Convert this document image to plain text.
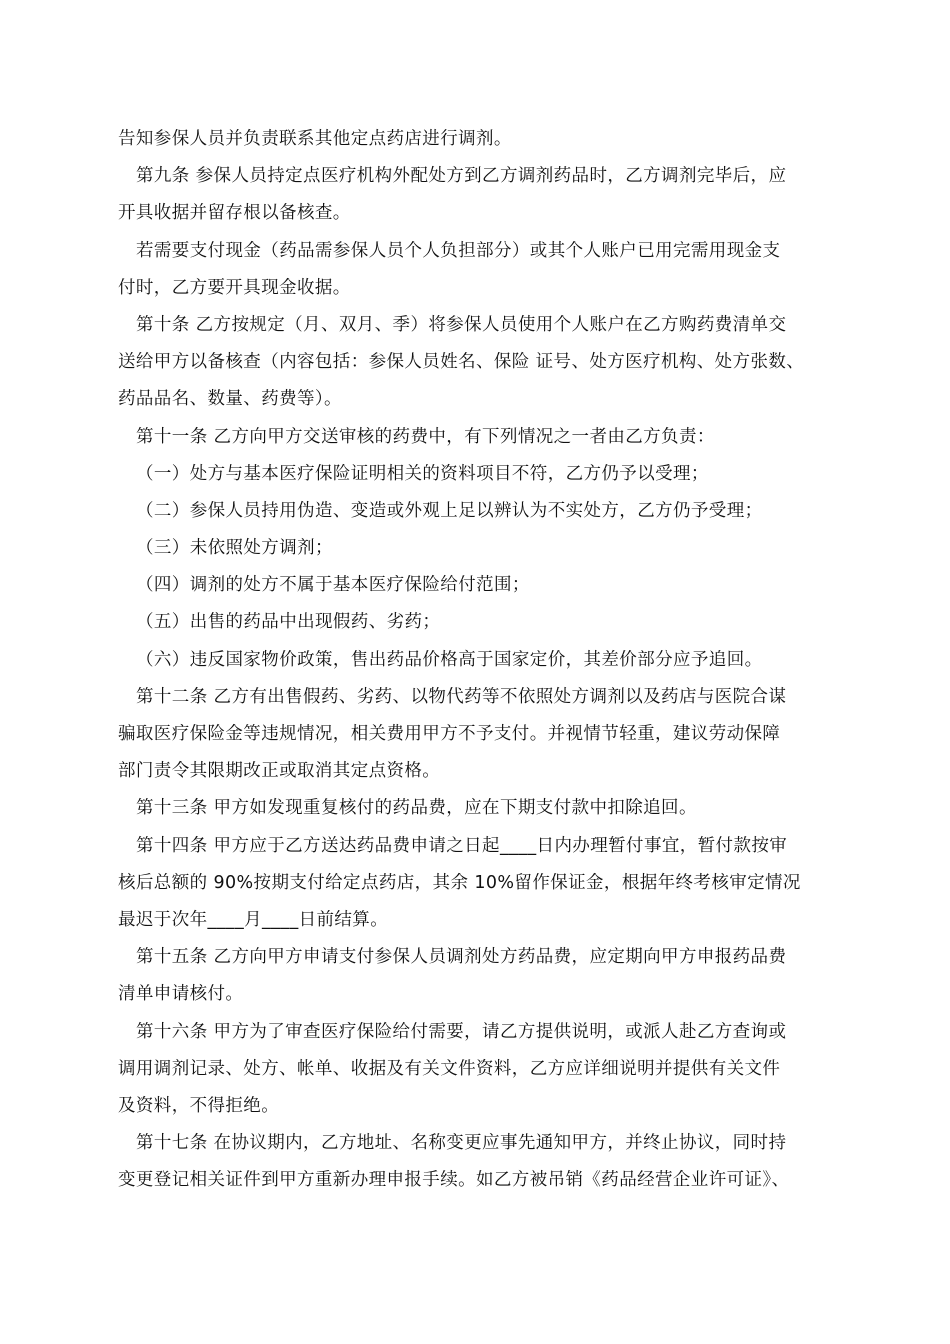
告知参保人员并负责联系其他定点药店进行调剂。
第九条 参保人员持定点医疗机构外配处方到乙方调剂药品时，乙方调剂完毕后，应
开具收据并留存根以备核查。
若需要支付现金（药品需参保人员个人负担部分）或其个人账户已用完需用现金支
付时，乙方要开具现金收据。
第十条 乙方按规定（月、双月、季）将参保人员使用个人账户在乙方购药费清单交
送给甲方以备核查（内容包括：参保人员姓名、保险 证号、处方医疗机构、处方张数、
药品品名、数量、药费等）。
第十一条 乙方向甲方交送审核的药费中，有下列情况之一者由乙方负责：
（一）处方与基本医疗保险证明相关的资料项目不符，乙方仍予以受理；
（二）参保人员持用伪造、变造或外观上足以辨认为不实处方，乙方仍予受理；
（三）未依照处方调剂；
（四）调剂的处方不属于基本医疗保险给付范围；
（五）出售的药品中出现假药、劣药；
（六）违反国家物价政策，售出药品价格高于国家定价，其差价部分应予追回。
第十二条 乙方有出售假药、劣药、以物代药等不依照处方调剂以及药店与医院合谋
骗取医疗保险金等违规情况，相关费用甲方不予支付。并视情节轻重，建议劳动保障
部门责令其限期改正或取消其定点资格。
第十三条 甲方如发现重复核付的药品费，应在下期支付款中扣除追回。
第十四条 甲方应于乙方送达药品费申请之日起____日内办理暂付事宜，暂付款按审
核后总额的 90%按期支付给定点药店，其余 10%留作保证金，根据年终考核审定情况
最迟于次年____月____日前结算。
第十五条 乙方向甲方申请支付参保人员调剂处方药品费，应定期向甲方申报药品费
清单申请核付。
第十六条 甲方为了审查医疗保险给付需要，请乙方提供说明，或派人赴乙方查询或
调用调剂记录、处方、帐单、收据及有关文件资料，乙方应详细说明并提供有关文件
及资料，不得拒绝。
第十七条 在协议期内，乙方地址、名称变更应事先通知甲方，并终止协议，同时持
变更登记相关证件到甲方重新办理申报手续。如乙方被吊销《药品经营企业许可证》、
